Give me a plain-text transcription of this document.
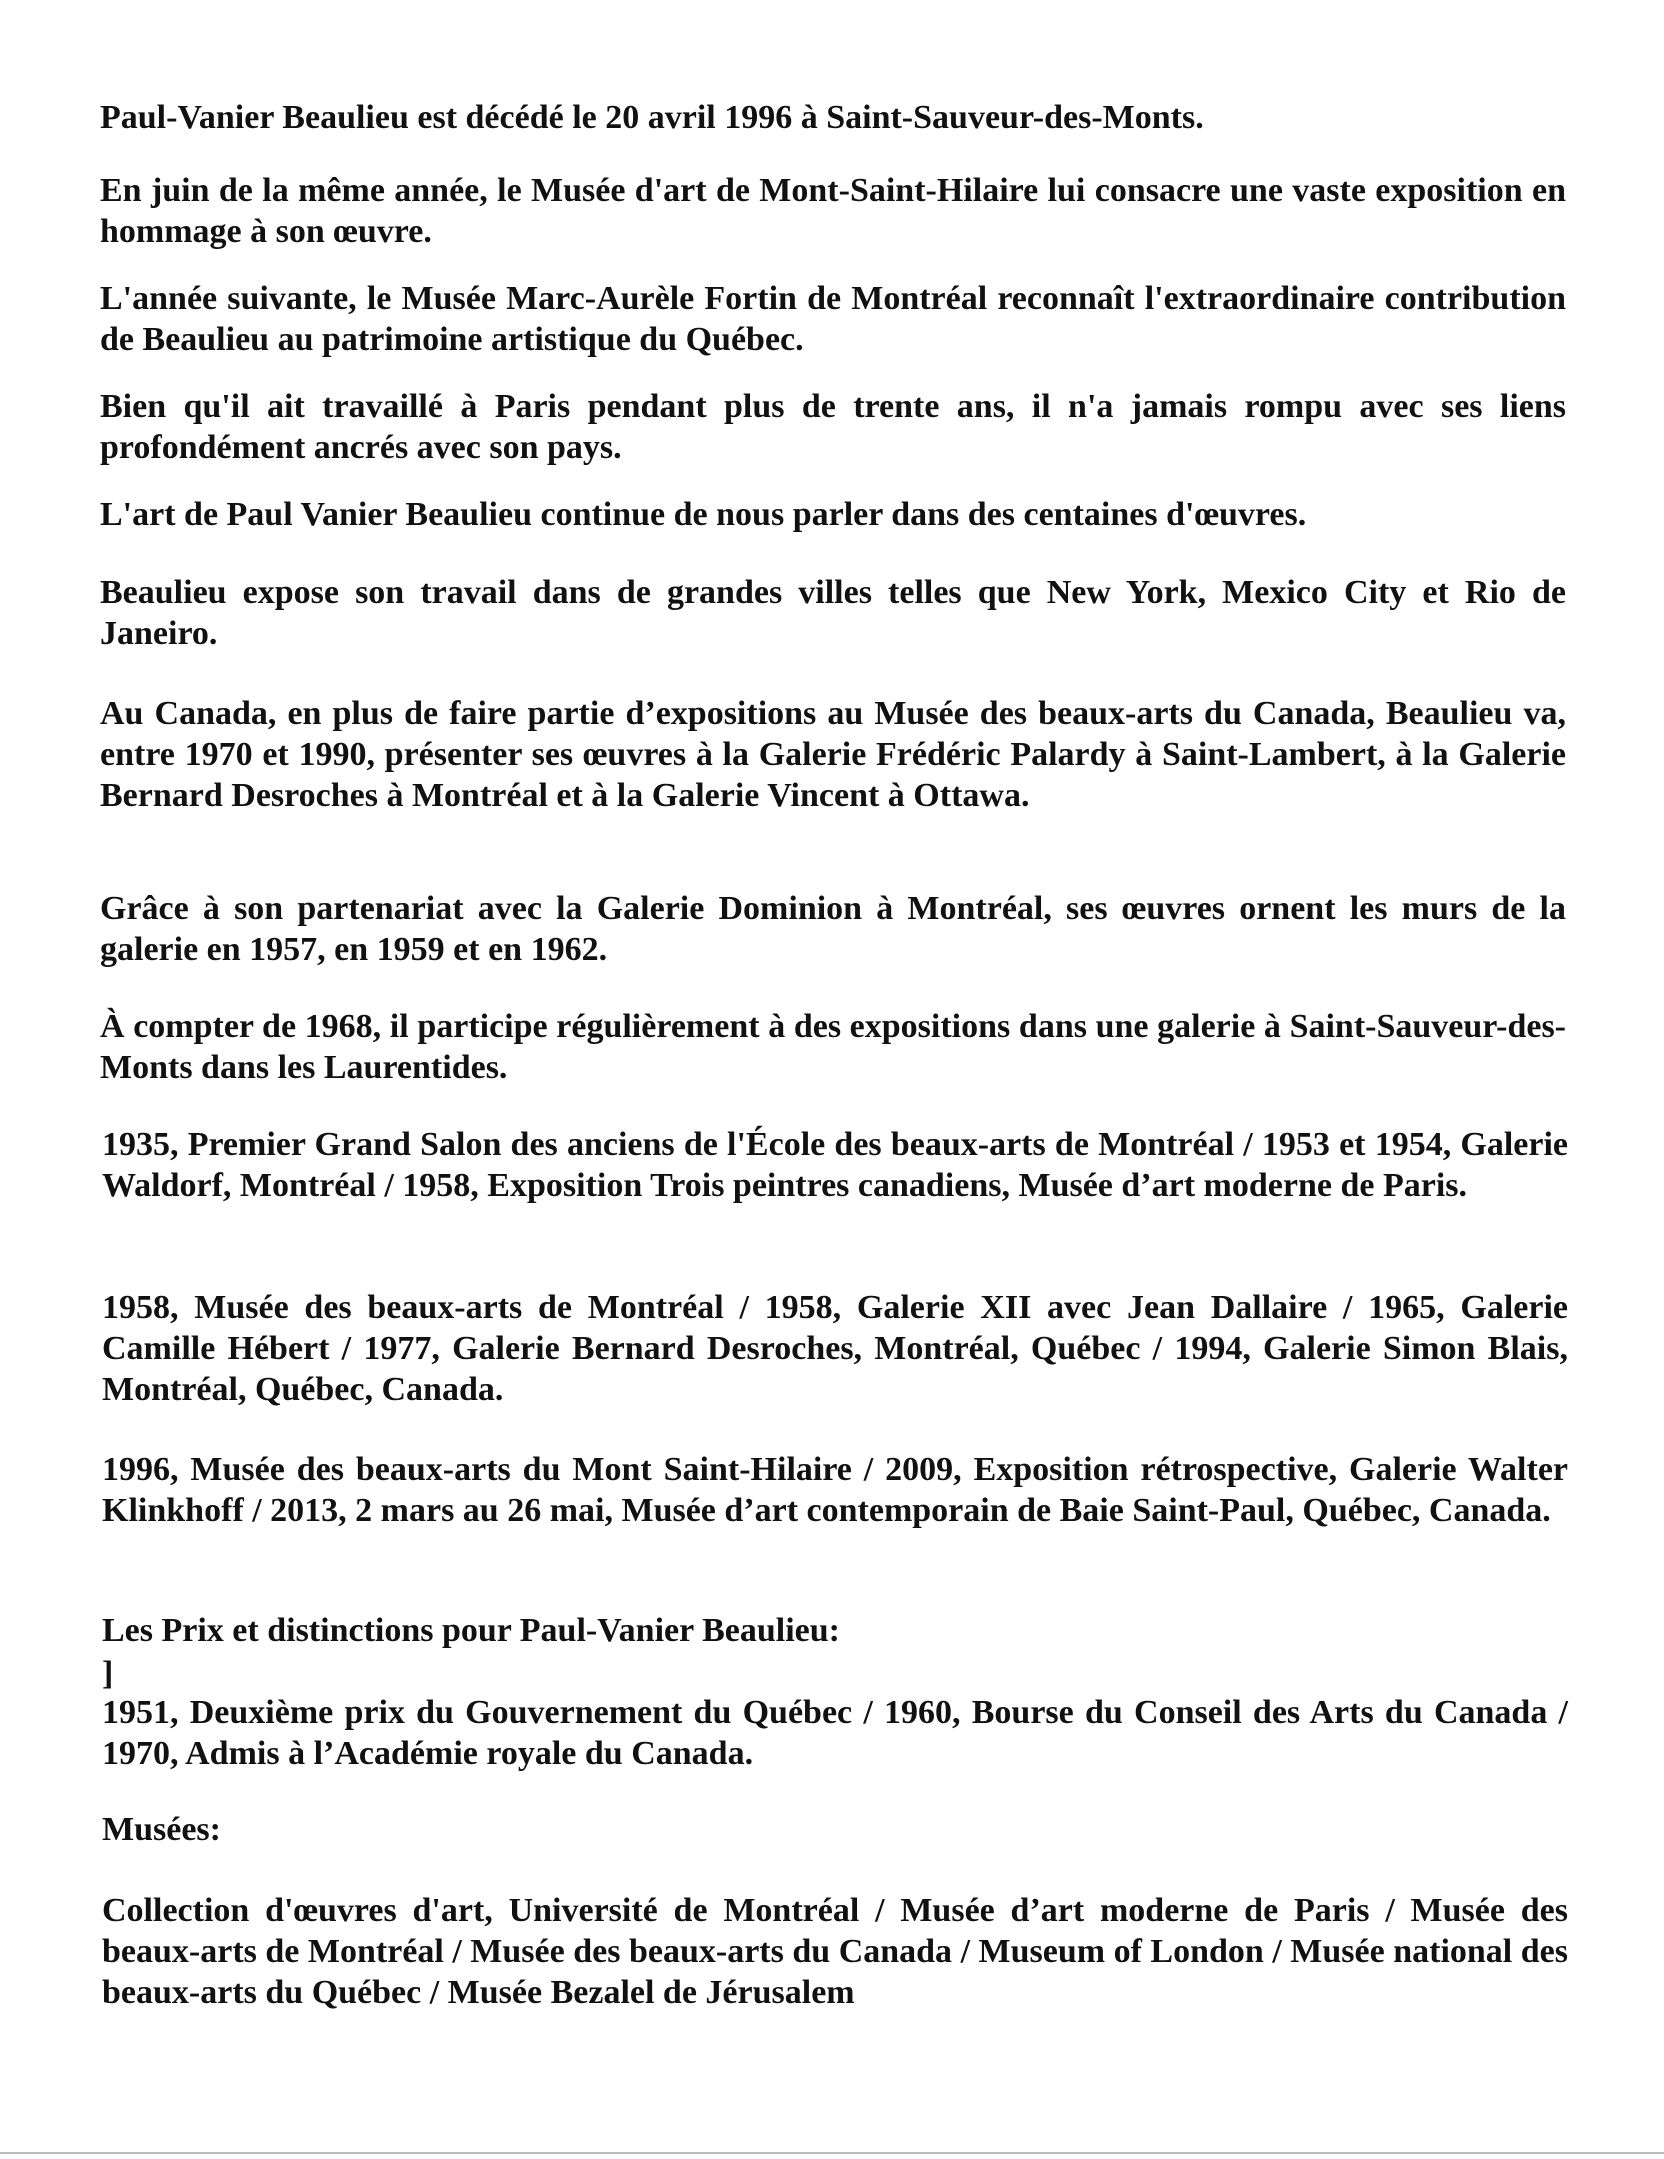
Paul-Vanier Beaulieu est décédé le 20 avril 1996 à Saint-Sauveur-des-Monts.

En juin de la même année, le Musée d'art de Mont-Saint-Hilaire lui consacre une vaste exposition en hommage à son œuvre.

L'année suivante, le Musée Marc-Aurèle Fortin de Montréal reconnaît l'extraordinaire contribution de Beaulieu au patrimoine artistique du Québec.

Bien qu'il ait travaillé à Paris pendant plus de trente ans, il n'a jamais rompu avec ses liens profondément ancrés avec son pays.

L'art de Paul Vanier Beaulieu continue de nous parler dans des centaines d'œuvres.

Beaulieu expose son travail dans de grandes villes telles que New York, Mexico City et Rio de Janeiro.

Au Canada, en plus de faire partie d’expositions au Musée des beaux-arts du Canada, Beaulieu va, entre 1970 et 1990, présenter ses œuvres à la Galerie Frédéric Palardy à Saint-Lambert, à la Galerie Bernard Desroches à Montréal et à la Galerie Vincent à Ottawa.

Grâce à son partenariat avec la Galerie Dominion à Montréal, ses œuvres ornent les murs de la galerie en 1957, en 1959 et en 1962.

À compter de 1968, il participe régulièrement à des expositions dans une galerie à Saint-Sauveur-des-Monts dans les Laurentides.

1935, Premier Grand Salon des anciens de l'École des beaux-arts de Montréal / 1953 et 1954, Galerie Waldorf, Montréal / 1958, Exposition Trois peintres canadiens, Musée d’art moderne de Paris.

1958, Musée des beaux-arts de Montréal / 1958, Galerie XII avec Jean Dallaire / 1965, Galerie Camille Hébert / 1977, Galerie Bernard Desroches, Montréal, Québec / 1994, Galerie Simon Blais, Montréal, Québec, Canada.

1996, Musée des beaux-arts du Mont Saint-Hilaire / 2009, Exposition rétrospective, Galerie Walter Klinkhoff / 2013, 2 mars au 26 mai, Musée d’art contemporain de Baie Saint-Paul, Québec, Canada.

Les Prix et distinctions pour Paul-Vanier Beaulieu:

]

1951, Deuxième prix du Gouvernement du Québec / 1960, Bourse du Conseil des Arts du Canada / 1970, Admis à l’Académie royale du Canada.

Musées:

Collection d'œuvres d'art, Université de Montréal / Musée d’art moderne de Paris / Musée des beaux-arts de Montréal / Musée des beaux-arts du Canada / Museum of London / Musée national des beaux-arts du Québec / Musée Bezalel de Jérusalem
